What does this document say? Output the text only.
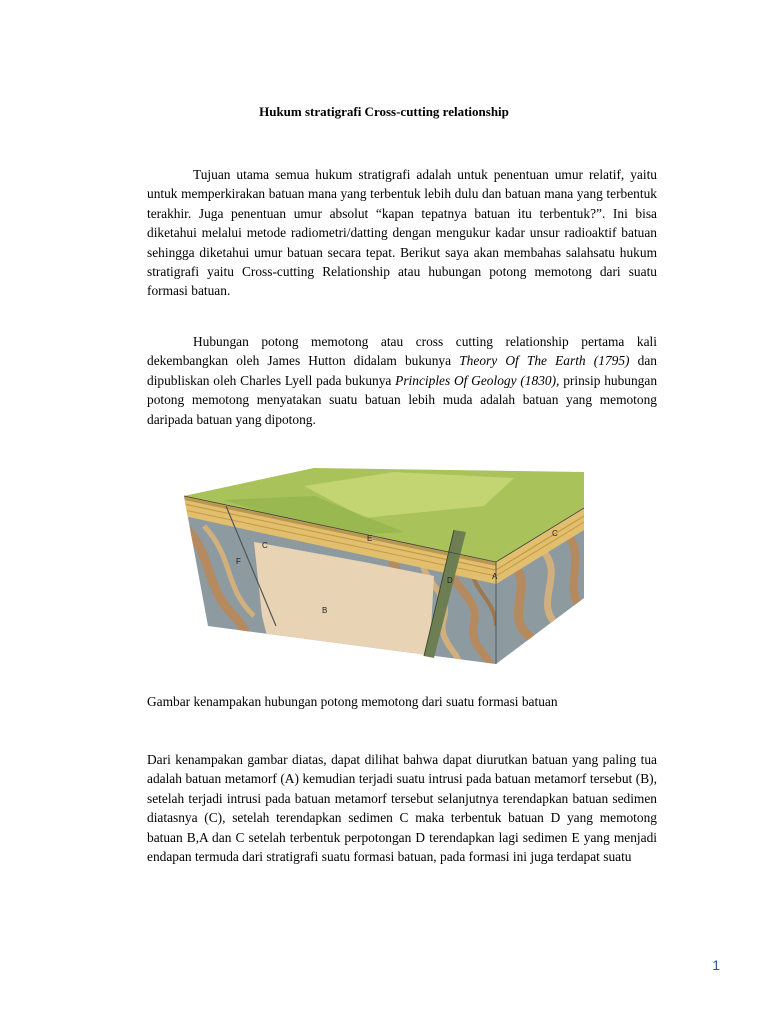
Hukum stratigrafi Cross-cutting relationship

Tujuan utama semua hukum stratigrafi adalah untuk penentuan umur relatif, yaitu untuk memperkirakan batuan mana yang terbentuk lebih dulu dan batuan mana yang terbentuk terakhir. Juga penentuan umur absolut “kapan tepatnya batuan itu terbentuk?”. Ini bisa diketahui melalui metode radiometri/datting dengan mengukur kadar unsur radioaktif batuan sehingga diketahui umur batuan secara tepat. Berikut saya akan membahas salahsatu hukum stratigrafi yaitu Cross-cutting Relationship atau hubungan potong memotong dari suatu formasi batuan.

Hubungan potong memotong atau cross cutting relationship pertama kali dekembangkan oleh James Hutton didalam bukunya Theory Of The Earth (1795) dan dipubliskan oleh Charles Lyell pada bukunya Principles Of Geology (1830), prinsip hubungan potong memotong menyatakan suatu batuan lebih muda adalah batuan yang memotong daripada batuan yang dipotong.

C
E
F
B
D	A
C
Gambar kenampakan hubungan potong memotong dari suatu formasi batuan

Dari kenampakan gambar diatas, dapat dilihat bahwa dapat diurutkan batuan yang paling tua adalah batuan metamorf (A) kemudian terjadi suatu intrusi pada batuan metamorf tersebut (B), setelah terjadi intrusi pada batuan metamorf tersebut selanjutnya terendapkan batuan sedimen diatasnya (C), setelah terendapkan sedimen C maka terbentuk batuan D yang memotong batuan B,A dan C setelah terbentuk perpotongan D terendapkan lagi sedimen E yang menjadi endapan termuda dari stratigrafi suatu formasi batuan, pada formasi ini juga terdapat suatu

1
